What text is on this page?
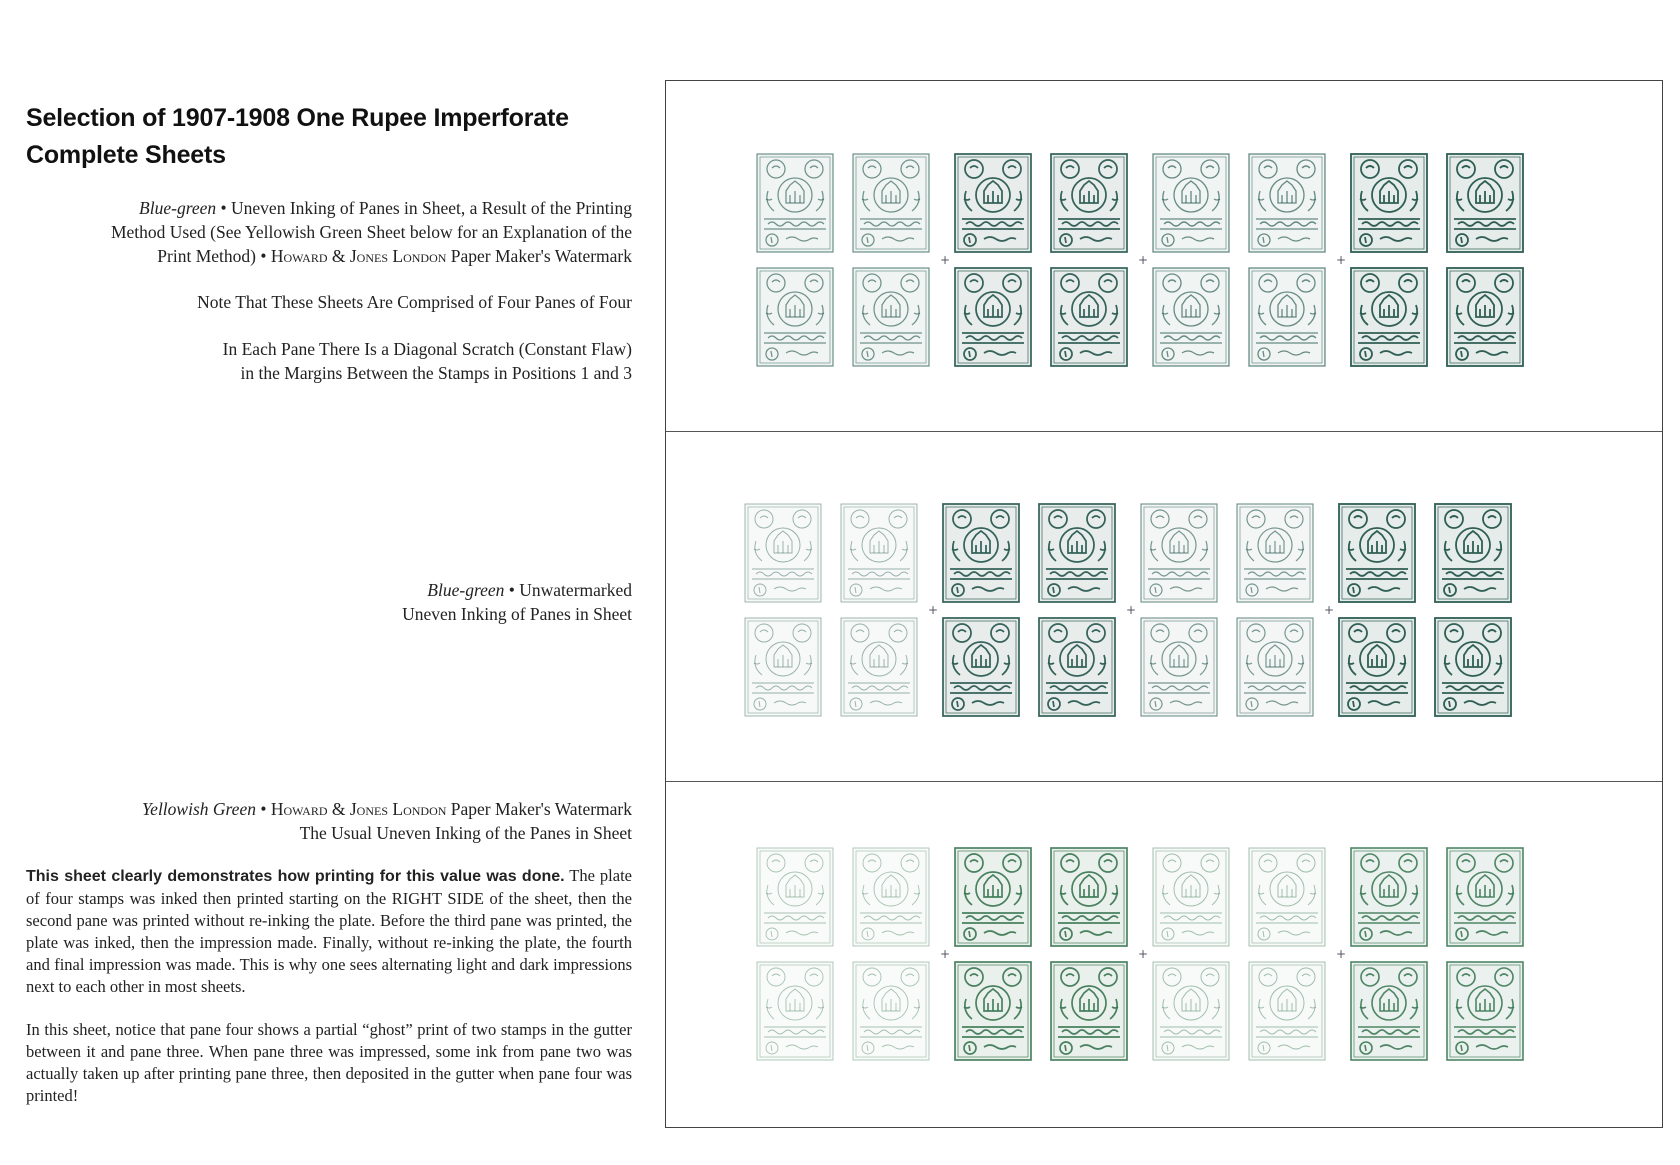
Selection of 1907-1908 One Rupee Imperforate
Complete Sheets
Blue-green • Uneven Inking of Panes in Sheet, a Result of the Printing
Method Used (See Yellowish Green Sheet below for an Explanation of the
Print Method) • Howard & Jones London Paper Maker's Watermark
Note That These Sheets Are Comprised of Four Panes of Four
In Each Pane There Is a Diagonal Scratch (Constant Flaw)
in the Margins Between the Stamps in Positions 1 and 3
Blue-green • Unwatermarked
Uneven Inking of Panes in Sheet
Yellowish Green • Howard & Jones London Paper Maker's Watermark
The Usual Uneven Inking of the Panes in Sheet
This sheet clearly demonstrates how printing for this value was done. The plate of four stamps was inked then printed starting on the RIGHT SIDE of the sheet, then the second pane was printed without re-inking the plate. Before the third pane was printed, the plate was inked, then the impression made. Finally, without re-inking the plate, the fourth and final impression was made. This is why one sees alternating light and dark impressions next to each other in most sheets.
In this sheet, notice that pane four shows a partial “ghost” print of two stamps in the gutter between it and pane three. When pane three was impressed, some ink from pane two was actually taken up after printing pane three, then deposited in the gutter when pane four was printed!
+	+	+
+	+	+
+	+	+
